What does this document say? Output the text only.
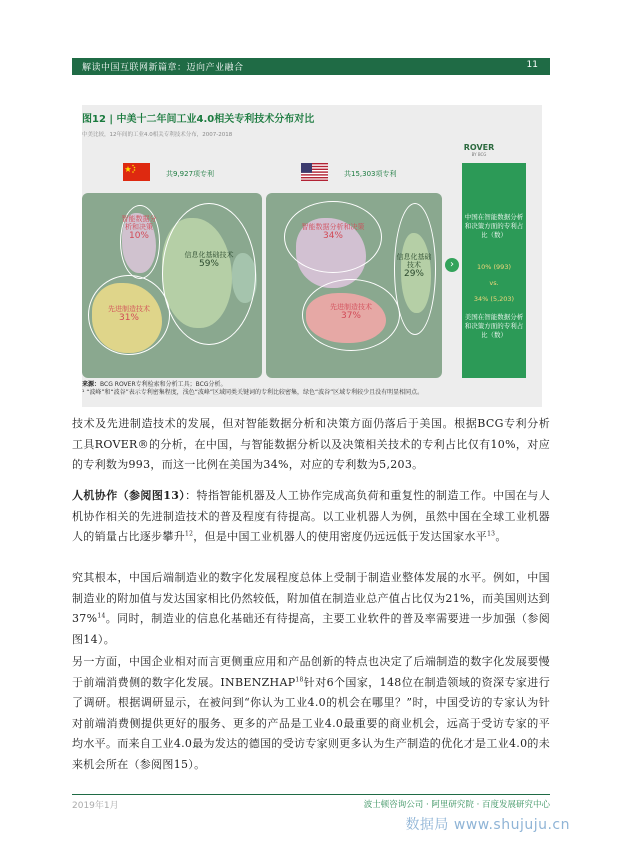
解读中国互联网新篇章：迈向产业融合	11
图12 | 中美十二年间工业4.0相关专利技术分布对比
中美比较，12年间的工业4.0相关专利技术分布，2007-2018
共9,927项专利	共15,303项专利
智能数据分析和决策
10%
信息化基础技术
59%
先进制造技术
31%
智能数据分析和决策
34%
先进制造技术
37%
信息化基础技术
29%
›
ROVER
BY BCG
中国在智能数据分析和决策方面的专利占比（数）
10% (993)
vs.
34% (5,203)
美国在智能数据分析和决策方面的专利占比（数）
来源：BCG ROVER专利检索和分析工具；BCG分析。
¹ “波峰”和“波谷”表示专利密集程度，浅色“波峰”区域同类关键词的专利比较密集，绿色“波谷”区域专利较少且没有明显相同点。
技术及先进制造技术的发展，但对智能数据分析和决策方面仍落后于美国。根据BCG专利分析工具ROVER®的分析，在中国，与智能数据分析以及决策相关技术的专利占比仅有10%，对应的专利数为993，而这一比例在美国为34%，对应的专利数为5,203。
人机协作（参阅图13）：特指智能机器及人工协作完成高负荷和重复性的制造工作。中国在与人机协作相关的先进制造技术的普及程度有待提高。以工业机器人为例，虽然中国在全球工业机器人的销量占比逐步攀升$^{12}$，但是中国工业机器人的使用密度仍远远低于发达国家水平$^{13}$。
究其根本，中国后端制造业的数字化发展程度总体上受制于制造业整体发展的水平。例如，中国制造业的附加值与发达国家相比仍然较低，附加值在制造业总产值占比仅为21%，而美国则达到37%$^{14}$。同时，制造业的信息化基础还有待提高，主要工业软件的普及率需要进一步加强（参阅图14）。
另一方面，中国企业相对而言更侧重应用和产品创新的特点也决定了后端制造的数字化发展要慢于前端消费侧的数字化发展。INBENZHAP$^{18}$针对6个国家，148位在制造领域的资深专家进行了调研。根据调研显示，在被问到“你认为工业4.0的机会在哪里？”时，中国受访的专家认为针对前端消费侧提供更好的服务、更多的产品是工业4.0最重要的商业机会，远高于受访专家的平均水平。而来自工业4.0最为发达的德国的受访专家则更多认为生产制造的优化才是工业4.0的未来机会所在（参阅图15）。
2019年1月	波士顿咨询公司 · 阿里研究院 · 百度发展研究中心
数据局 www.shujuju.cn
